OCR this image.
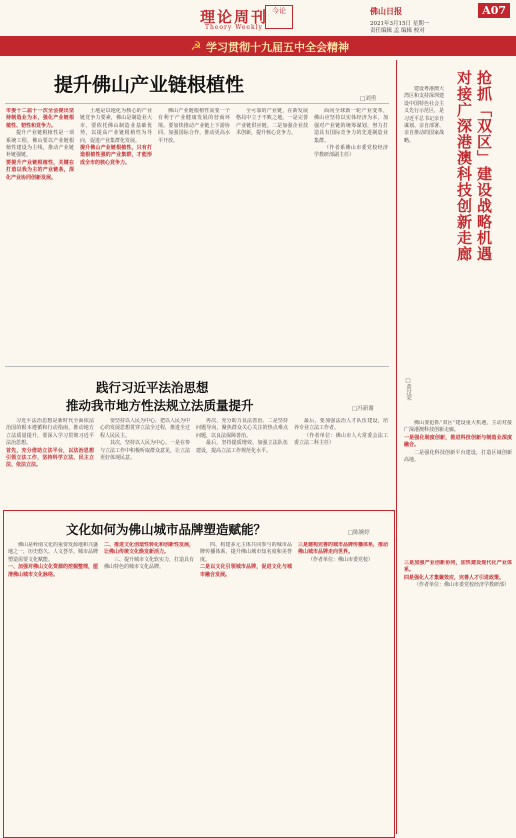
理论周刊
Theory Weekly
今论	佛山日报	A07
2021年3月15日 星期一
责任编辑 孟 编辑 校对
☭ 学习贯彻十九届五中全会精神
提升佛山产业链根植性
□刘勇

市委十二届十一次全会提出坚持制造业为本，强化产业链根植性、韧性和竞争力。

提升产业链根植性是一项系统工程，佛山要以产业链根植性建设为主线，推动产业链补链强链。

要提升产业链根植性，关键在打造以我为主的产业链条，深化产业协同创新发展。

土地是以地化为核心的产业链竞争力要素，佛山是制造业大市，要依托佛山制造业基础优势，以提高产业链根植性为导向，促进产业集群化发展。

提升佛山产业链根植性，只有打造根植性强的产业集群，才能形成全市的核心竞争力。

佛山产业链根植性需要一个有利于产业健康发展的营商环境。要加快推动产业链上下游协同、加强国际合作，推动更高水平开放。

全可靠的产业链，在新发展格局中立于不败之地。一是完善产业链供应链。二是加强企业技术创新，提升核心竞争力。

面向全球新一轮产业变革，佛山应坚持以实体经济为本，加强对产业链的统筹谋划，努力打造具有国际竞争力的先进制造业集群。

（作者系佛山市委党校经济学教研部副主任）

践行习近平法治思想
推动我市地方性法规立法质量提升	□冯新谢

习近平法治思想是新时代全面依法治国的根本遵循和行动指南，推动地方立法质量提升，要深入学习贯彻习近平法治思想。

首先，充分借助立法平台，以法治思想引领立法工作，坚持科学立法、民主立法、依法立法。

要坚持以人民为中心，把以人民为中心的发展思想贯穿立法全过程，推进全过程人民民主。

其次，坚持以人民为中心。一是在参与立法工作中积极听取群众意见，让立法更好体现民意。

再次，充分助力良法善治。二是坚持问题导向，聚焦群众关心关注的热点难点问题，以良法保障善治。

最后，坚持提质增效，加强立法队伍建设，提高立法工作规范化水平。

最后，要加强法治人才队伍建设，培养专业立法工作者。

（作者单位：佛山市人大常委会法工委立法二科主任）

文化如何为佛山城市品牌塑造赋能？	□陈婉婷

佛山是岭南文化的重要发源地和兴盛地之一，历史悠久、人文荟萃。城市品牌塑造需要文化赋能。

一、加强对佛山文化资源的挖掘整理，厘清佛山城市文化脉络。

二、推进文化创造性转化和创新性发展，让佛山传统文化焕发新活力。

三、提升城市文化软实力，打造具有佛山特色的城市文化品牌。

四、构建多元主体共同参与的城市品牌传播体系，提升佛山城市知名度和美誉度。

二是以文化引领城市品牌，促进文化与城市融合发展。

三是建构完善的城市品牌传播体系，推动佛山城市品牌走向世界。

（作者单位：佛山市委党校）

抢抓「双区」建设战略机遇
对接广深港澳科技创新走廊
□黄汉荣

建设粤港澳大湾区和支持深圳建设中国特色社会主义先行示范区，是习近平总书记亲自谋划、亲自部署、亲自推动的国家战略。

佛山要抢抓“双区”建设重大机遇，主动对接广深港澳科技创新走廊。

一是强化制度创新，推进科技创新与制造业深度融合。

二是强化科技创新平台建设，打造区域创新高地。

三是加强产业创新协同，加快建设现代化产业体系。

四是强化人才集聚效应，完善人才引进政策。

（作者单位：佛山市委党校经济学教研部）
